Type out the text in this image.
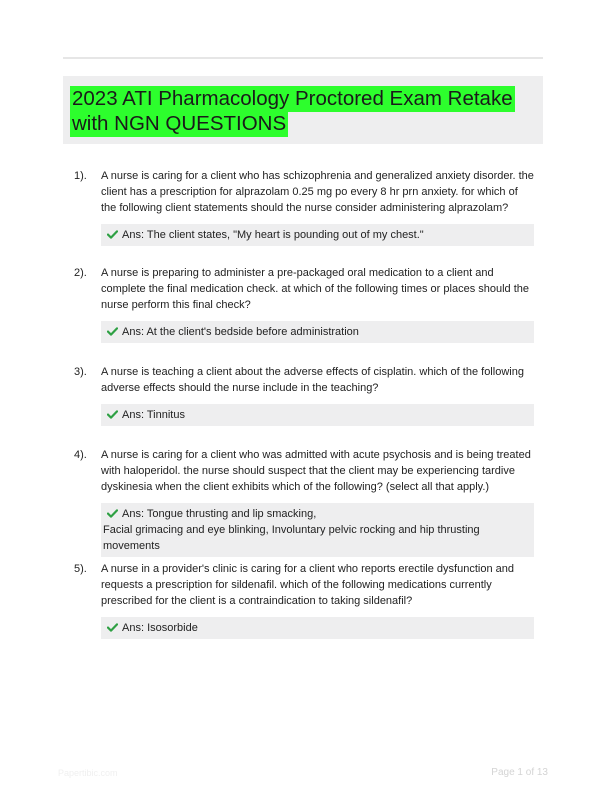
2023 ATI Pharmacology Proctored Exam Retake with NGN QUESTIONS
1). A nurse is caring for a client who has schizophrenia and generalized anxiety disorder. the client has a prescription for alprazolam 0.25 mg po every 8 hr prn anxiety. for which of the following client statements should the nurse consider administering alprazolam?
Ans: The client states, "My heart is pounding out of my chest."
2). A nurse is preparing to administer a pre-packaged oral medication to a client and complete the final medication check. at which of the following times or places should the nurse perform this final check?
Ans: At the client's bedside before administration
3). A nurse is teaching a client about the adverse effects of cisplatin. which of the following adverse effects should the nurse include in the teaching?
Ans: Tinnitus
4). A nurse is caring for a client who was admitted with acute psychosis and is being treated with haloperidol. the nurse should suspect that the client may be experiencing tardive dyskinesia when the client exhibits which of the following? (select all that apply.)
Ans: Tongue thrusting and lip smacking,
Facial grimacing and eye blinking, Involuntary pelvic rocking and hip thrusting movements
5). A nurse in a provider's clinic is caring for a client who reports erectile dysfunction and requests a prescription for sildenafil. which of the following medications currently prescribed for the client is a contraindication to taking sildenafil?
Ans: Isosorbide
Papertibic.com	Page 1 of 13
